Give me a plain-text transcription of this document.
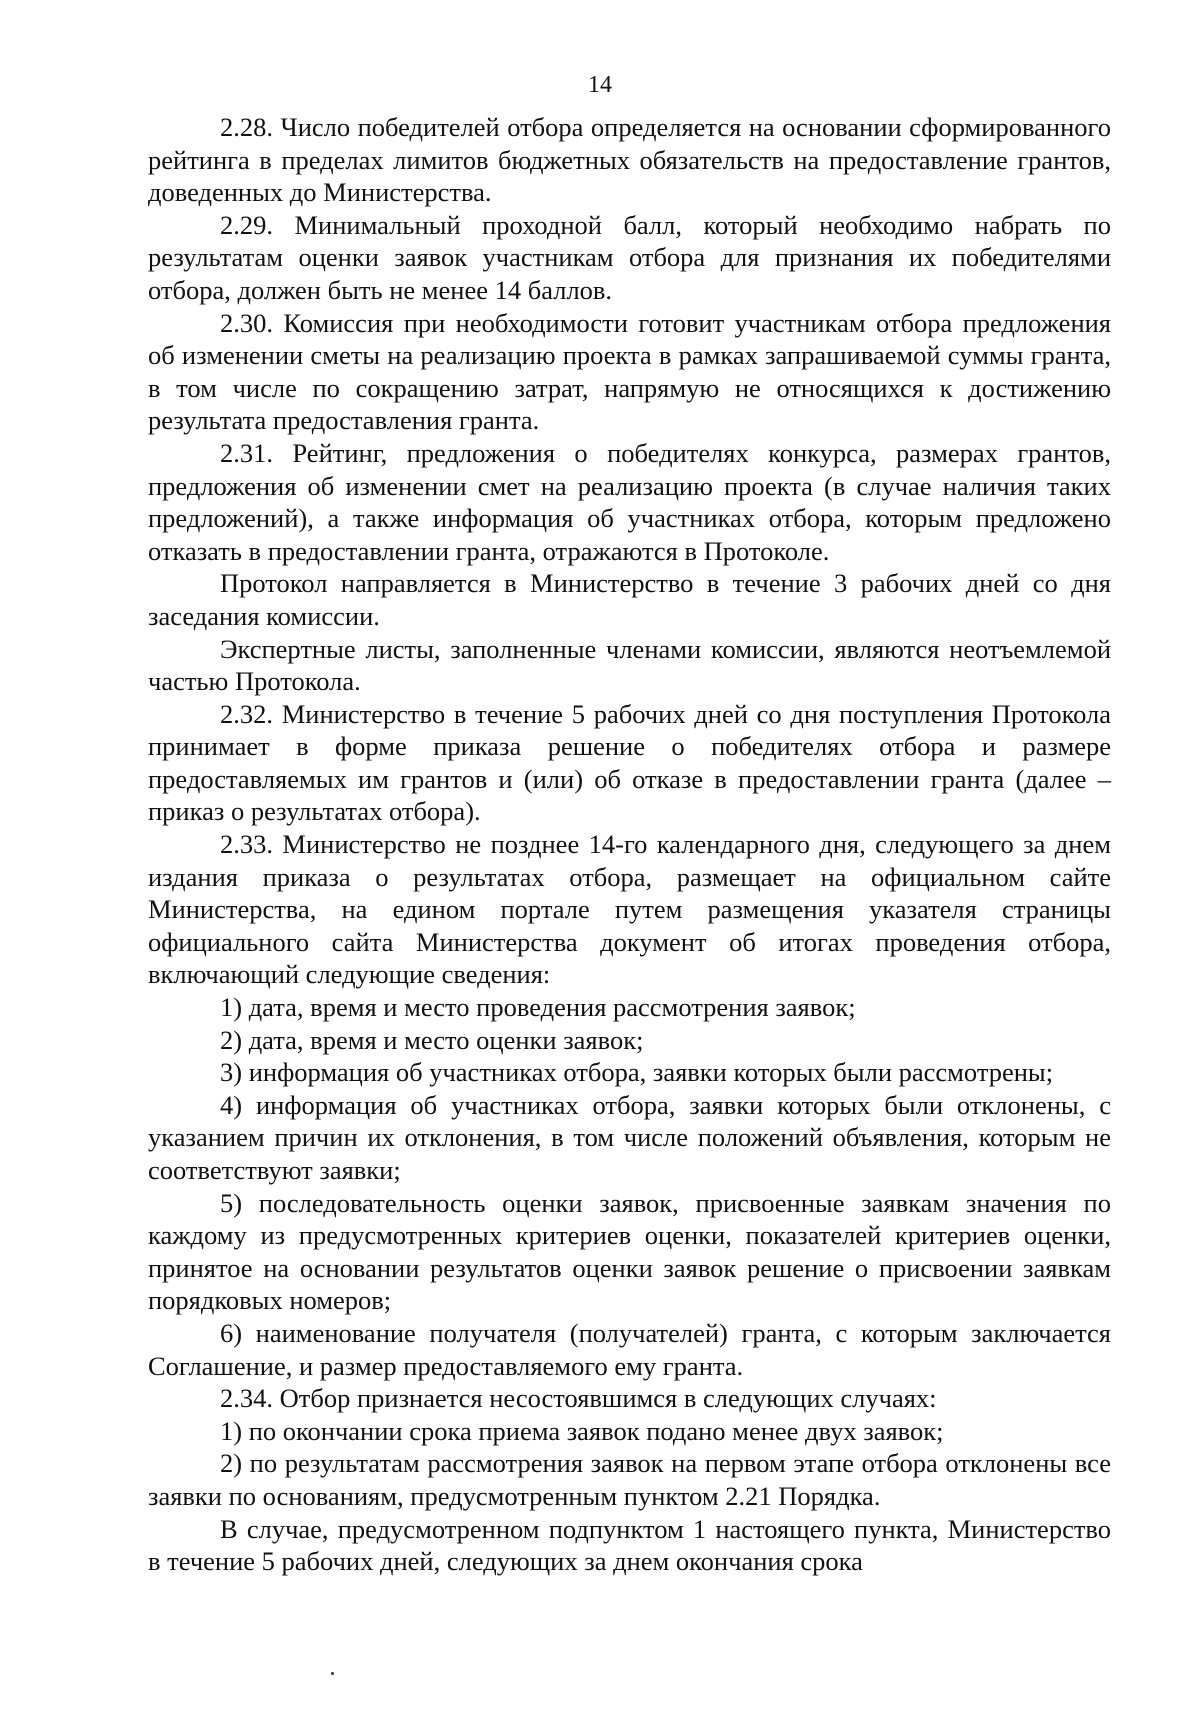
14

2.28. Число победителей отбора определяется на основании сформированного рейтинга в пределах лимитов бюджетных обязательств на предоставление грантов, доведенных до Министерства.

2.29. Минимальный проходной балл, который необходимо набрать по результатам оценки заявок участникам отбора для признания их победителями отбора, должен быть не менее 14 баллов.

2.30. Комиссия при необходимости готовит участникам отбора предложения об изменении сметы на реализацию проекта в рамках запрашиваемой суммы гранта, в том числе по сокращению затрат, напрямую не относящихся к достижению результата предоставления гранта.

2.31. Рейтинг, предложения о победителях конкурса, размерах грантов, предложения об изменении смет на реализацию проекта (в случае наличия таких предложений), а также информация об участниках отбора, которым предложено отказать в предоставлении гранта, отражаются в Протоколе.

Протокол направляется в Министерство в течение 3 рабочих дней со дня заседания комиссии.

Экспертные листы, заполненные членами комиссии, являются неотъемлемой частью Протокола.

2.32. Министерство в течение 5 рабочих дней со дня поступления Протокола принимает в форме приказа решение о победителях отбора и размере предоставляемых им грантов и (или) об отказе в предоставлении гранта (далее – приказ о результатах отбора).

2.33. Министерство не позднее 14-го календарного дня, следующего за днем издания приказа о результатах отбора, размещает на официальном сайте Министерства, на едином портале путем размещения указателя страницы официального сайта Министерства документ об итогах проведения отбора, включающий следующие сведения:

1) дата, время и место проведения рассмотрения заявок;

2) дата, время и место оценки заявок;

3) информация об участниках отбора, заявки которых были рассмотрены;

4) информация об участниках отбора, заявки которых были отклонены, с указанием причин их отклонения, в том числе положений объявления, которым не соответствуют заявки;

5) последовательность оценки заявок, присвоенные заявкам значения по каждому из предусмотренных критериев оценки, показателей критериев оценки, принятое на основании результатов оценки заявок решение о присвоении заявкам порядковых номеров;

6) наименование получателя (получателей) гранта, с которым заключается Соглашение, и размер предоставляемого ему гранта.

2.34. Отбор признается несостоявшимся в следующих случаях:

1) по окончании срока приема заявок подано менее двух заявок;

2) по результатам рассмотрения заявок на первом этапе отбора отклонены все заявки по основаниям, предусмотренным пунктом 2.21 Порядка.

В случае, предусмотренном подпунктом 1 настоящего пункта, Министерство в течение 5 рабочих дней, следующих за днем окончания срока
